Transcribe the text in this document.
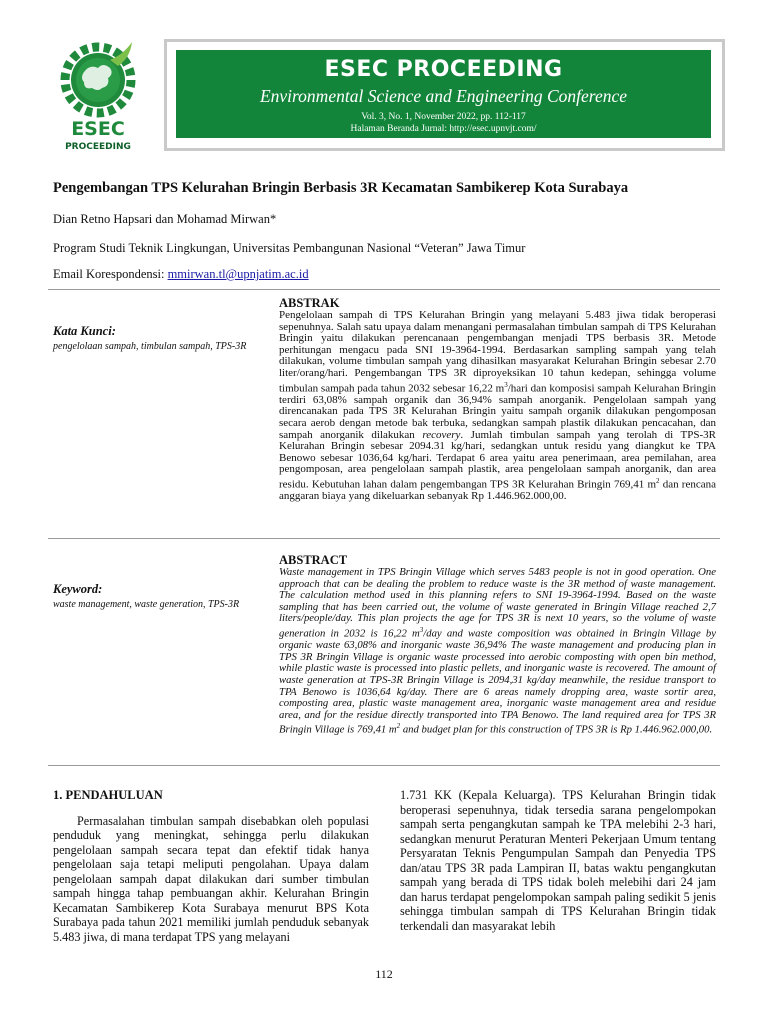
ESEC
PROCEEDING
ESEC PROCEEDING
Environmental Science and Engineering Conference
Vol. 3, No. 1, November 2022, pp. 112-117
Halaman Beranda Jurnal: http://esec.upnvjt.com/
Pengembangan TPS Kelurahan Bringin Berbasis 3R Kecamatan Sambikerep Kota Surabaya
Dian Retno Hapsari dan Mohamad Mirwan*
Program Studi Teknik Lingkungan, Universitas Pembangunan Nasional “Veteran” Jawa Timur
Email Korespondensi: mmirwan.tl@upnjatim.ac.id
Kata Kunci:
pengelolaan sampah, timbulan sampah, TPS-3R
ABSTRAK
Pengelolaan sampah di TPS Kelurahan Bringin yang melayani 5.483 jiwa tidak beroperasi sepenuhnya. Salah satu upaya dalam menangani permasalahan timbulan sampah di TPS Kelurahan Bringin yaitu dilakukan perencanaan pengembangan menjadi TPS berbasis 3R. Metode perhitungan mengacu pada SNI 19-3964-1994. Berdasarkan sampling sampah yang telah dilakukan, volume timbulan sampah yang dihasilkan masyarakat Kelurahan Bringin sebesar 2.70 liter/orang/hari. Pengembangan TPS 3R diproyeksikan 10 tahun kedepan, sehingga volume timbulan sampah pada tahun 2032 sebesar 16,22 $m^3$/hari dan komposisi sampah Kelurahan Bringin terdiri 63,08% sampah organik dan 36,94% sampah anorganik. Pengelolaan sampah yang direncanakan pada TPS 3R Kelurahan Bringin yaitu sampah organik dilakukan pengomposan secara aerob dengan metode bak terbuka, sedangkan sampah plastik dilakukan pencacahan, dan sampah anorganik dilakukan recovery. Jumlah timbulan sampah yang terolah di TPS-3R Kelurahan Bringin sebesar 2094.31 kg/hari, sedangkan untuk residu yang diangkut ke TPA Benowo sebesar 1036,64 kg/hari. Terdapat 6 area yaitu area penerimaan, area pemilahan, area pengomposan, area pengelolaan sampah plastik, area pengelolaan sampah anorganik, dan area residu. Kebutuhan lahan dalam pengembangan TPS 3R Kelurahan Bringin 769,41 $m^2$ dan rencana anggaran biaya yang dikeluarkan sebanyak Rp 1.446.962.000,00.
Keyword:
waste management, waste generation, TPS-3R
ABSTRACT
Waste management in TPS Bringin Village which serves 5483 people is not in good operation. One approach that can be dealing the problem to reduce waste is the 3R method of waste management. The calculation method used in this planning refers to SNI 19-3964-1994. Based on the waste sampling that has been carried out, the volume of waste generated in Bringin Village reached 2,7 liters/people/day. This plan projects the age for TPS 3R is next 10 years, so the volume of waste generation in 2032 is 16,22 $m^3$/day and waste composition was obtained in Bringin Village by organic waste 63,08% and inorganic waste 36,94% The waste management and producing plan in TPS 3R Bringin Village is organic waste processed into aerobic composting with open bin method, while plastic waste is processed into plastic pellets, and inorganic waste is recovered. The amount of waste generation at TPS-3R Bringin Village is 2094,31 kg/day meanwhile, the residue transport to TPA Benowo is 1036,64 kg/day. There are 6 areas namely dropping area, waste sortir area, composting area, plastic waste management area, inorganic waste management area and residue area, and for the residue directly transported into TPA Benowo. The land required area for TPS 3R Bringin Village is 769,41 $m^2$ and budget plan for this construction of TPS 3R is Rp 1.446.962.000,00.
1. PENDAHULUAN

Permasalahan timbulan sampah disebabkan oleh populasi penduduk yang meningkat, sehingga perlu dilakukan pengelolaan sampah secara tepat dan efektif tidak hanya pengelolaan saja tetapi meliputi pengolahan. Upaya dalam pengelolaan sampah dapat dilakukan dari sumber timbulan sampah hingga tahap pembuangan akhir. Kelurahan Bringin Kecamatan Sambikerep Kota Surabaya menurut BPS Kota Surabaya pada tahun 2021 memiliki jumlah penduduk sebanyak 5.483 jiwa, di mana terdapat TPS yang melayani

1.731 KK (Kepala Keluarga). TPS Kelurahan Bringin tidak beroperasi sepenuhnya, tidak tersedia sarana pengelompokan sampah serta pengangkutan sampah ke TPA melebihi 2-3 hari, sedangkan menurut Peraturan Menteri Pekerjaan Umum tentang Persyaratan Teknis Pengumpulan Sampah dan Penyedia TPS dan/atau TPS 3R pada Lampiran II, batas waktu pengangkutan sampah yang berada di TPS tidak boleh melebihi dari 24 jam dan harus terdapat pengelompokan sampah paling sedikit 5 jenis sehingga timbulan sampah di TPS Kelurahan Bringin tidak terkendali dan masyarakat lebih

112
